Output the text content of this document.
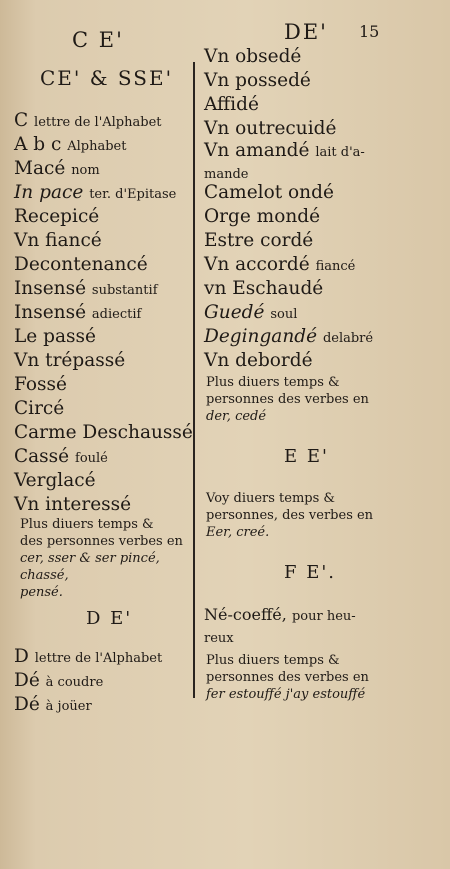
C E'	DE' 15
CE' & SSE'
C lettre de l'Alphabet
A b c Alphabet
Macé nom
In pace ter. d'Epitase
Recepicé
Vn fiancé
Decontenancé
Insensé substantif
Insensé adiectif
Le passé
Vn trépassé
Fossé
Circé
Carme Deschaussé
Cassé foulé
Verglacé
Vn interessé
Plus diuers temps &
des personnes verbes en
cer, sser & ser pincé, chassé,
pensé.
D E'
D lettre de l'Alphabet
Dé à coudre
Dé à joüer
Vn obsedé
Vn possedé
Affidé
Vn outrecuidé
Vn amandé lait d'a-
mande
Camelot ondé
Orge mondé
Estre cordé
Vn accordé fiancé
vn Eschaudé
Guedé soul
Degingandé delabré
Vn debordé
Plus diuers temps &
personnes des verbes en
der, cedé
E E'
Voy diuers temps &
personnes, des verbes en
Eer, creé.
F E'.
Né-coeffé, pour heu-
reux
Plus diuers temps &
personnes des verbes en
fer estouffé j'ay estouffé
